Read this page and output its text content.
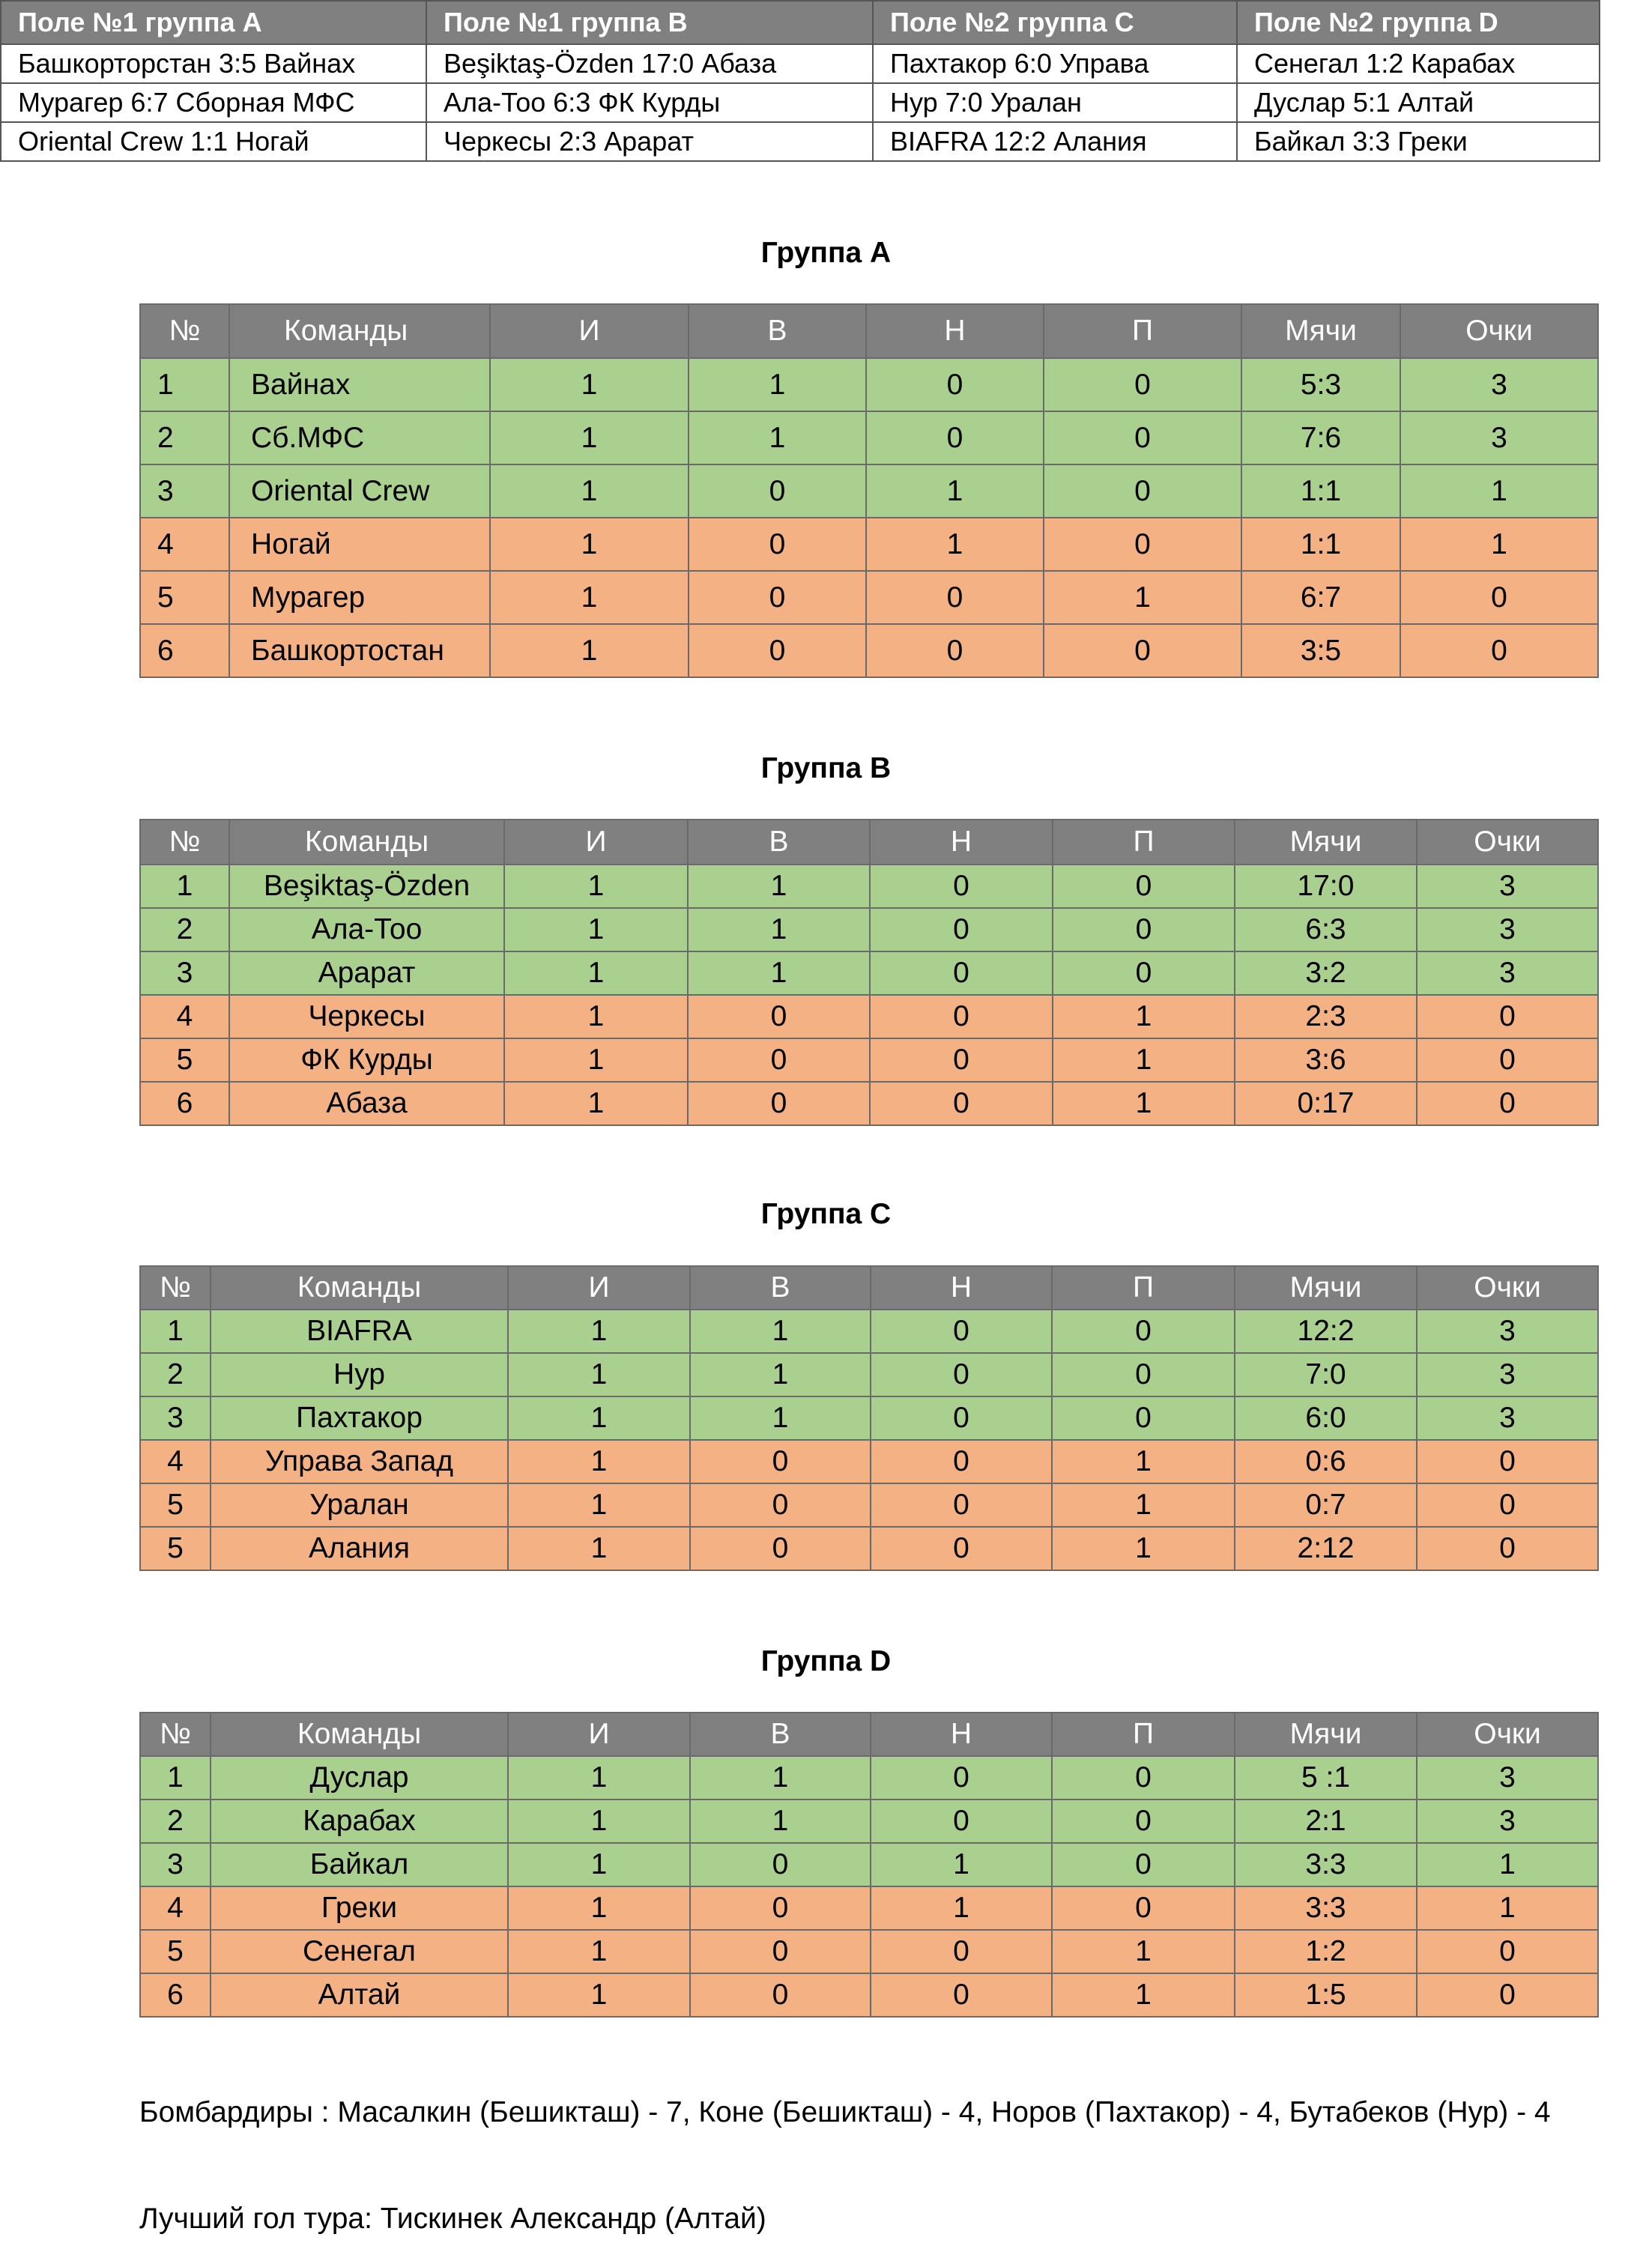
Поле №1 группа А	Поле №1 группа В	Поле №2 группа С	Поле №2 группа D
Башкорторстан 3:5 Вайнах	Beşiktaş-Özden 17:0 Абаза	Пахтакор 6:0 Управа	Сенегал 1:2 Карабах
Мурагер 6:7 Сборная МФС	Ала-Тоо 6:3 ФК Курды	Нур 7:0 Уралан	Дуслар 5:1 Алтай
Oriental Crew 1:1 Ногай	Черкесы 2:3 Арарат	BIAFRA 12:2 Алания	Байкал 3:3 Греки
Группа А
№	Команды	И	В	Н	П	Мячи	Очки
1	Вайнах	1	1	0	0	5:3	3
2	Сб.МФС	1	1	0	0	7:6	3
3	Oriental Crew	1	0	1	0	1:1	1
4	Ногай	1	0	1	0	1:1	1
5	Мурагер	1	0	0	1	6:7	0
6	Башкортостан	1	0	0	0	3:5	0
Группа В
№	Команды	И	В	Н	П	Мячи	Очки
1	Beşiktaş-Özden	1	1	0	0	17:0	3
2	Ала-Тоо	1	1	0	0	6:3	3
3	Арарат	1	1	0	0	3:2	3
4	Черкесы	1	0	0	1	2:3	0
5	ФК Курды	1	0	0	1	3:6	0
6	Абаза	1	0	0	1	0:17	0
Группа С
№	Команды	И	В	Н	П	Мячи	Очки
1	BIAFRA	1	1	0	0	12:2	3
2	Нур	1	1	0	0	7:0	3
3	Пахтакор	1	1	0	0	6:0	3
4	Управа Запад	1	0	0	1	0:6	0
5	Уралан	1	0	0	1	0:7	0
5	Алания	1	0	0	1	2:12	0
Группа D
№	Команды	И	В	Н	П	Мячи	Очки
1	Дуслар	1	1	0	0	5 :1	3
2	Карабах	1	1	0	0	2:1	3
3	Байкал	1	0	1	0	3:3	1
4	Греки	1	0	1	0	3:3	1
5	Сенегал	1	0	0	1	1:2	0
6	Алтай	1	0	0	1	1:5	0

Бомбардиры : Масалкин (Бешикташ) - 7, Коне (Бешикташ) - 4, Норов (Пахтакор) - 4, Бутабеков (Нур) - 4

Лучший гол тура: Тискинек Александр (Алтай)
